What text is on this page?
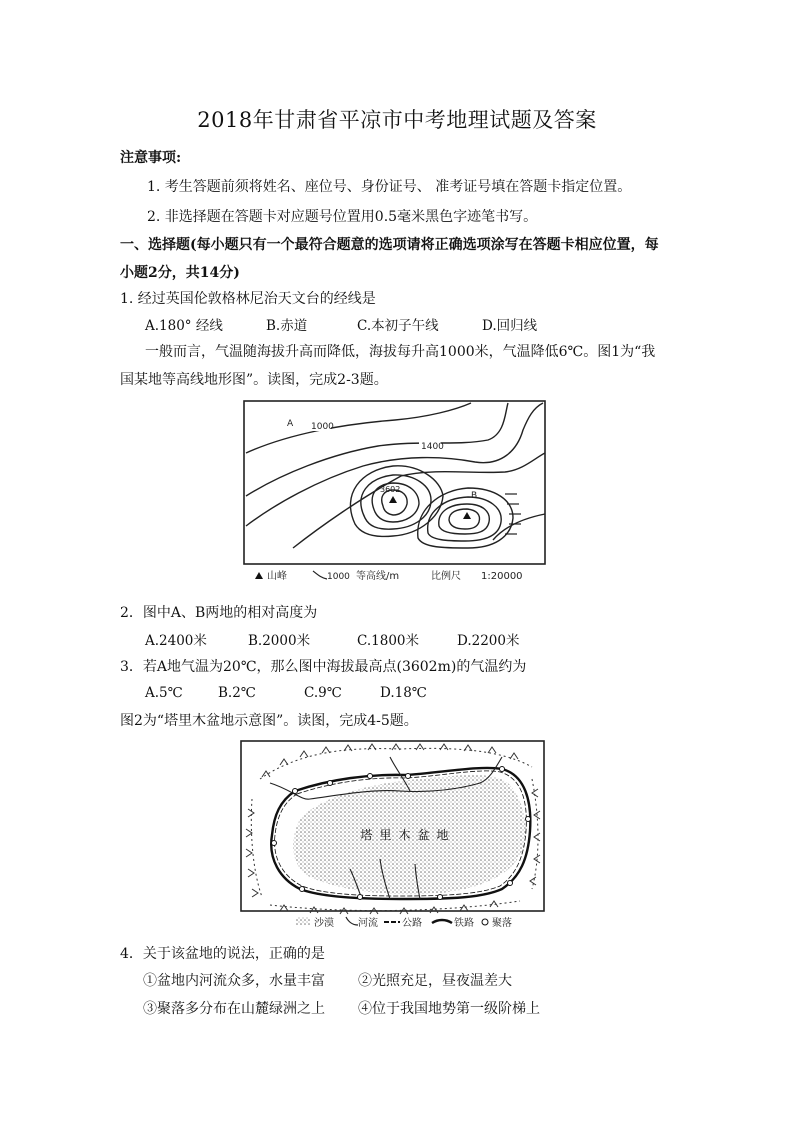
2018年甘肃省平凉市中考地理试题及答案
注意事项:
1. 考生答题前须将姓名、座位号、身份证号、 准考证号填在答题卡指定位置。
2. 非选择题在答题卡对应题号位置用0.5毫米黑色字迹笔书写。
一、选择题(每小题只有一个最符合题意的选项请将正确选项涂写在答题卡相应位置，每
小题2分，共14分)
1. 经过英国伦敦格林尼治天文台的经线是
A.180° 经线	B.赤道	C.本初子午线	D.回归线
一般而言，气温随海拔升高而降低，海拔每升高1000米，气温降低6℃。图1为“我
国某地等高线地形图”。读图，完成2-3题。
1000
1400
3602
A
B
山峰	1000 等高线/m	比例尺 1:20000
2．图中A、B两地的相对高度为
A.2400米	B.2000米	C.1800米	D.2200米
3．若A地气温为20℃，那么图中海拔最高点(3602m)的气温约为
A.5℃	B.2℃	C.9℃	D.18℃
图2为“塔里木盆地示意图”。读图，完成4-5题。
塔里木盆地
沙漠 河流 公路	铁路 聚落
4．关于该盆地的说法，正确的是
①盆地内河流众多，水量丰富 ②光照充足，昼夜温差大
③聚落多分布在山麓绿洲之上 ④位于我国地势第一级阶梯上
